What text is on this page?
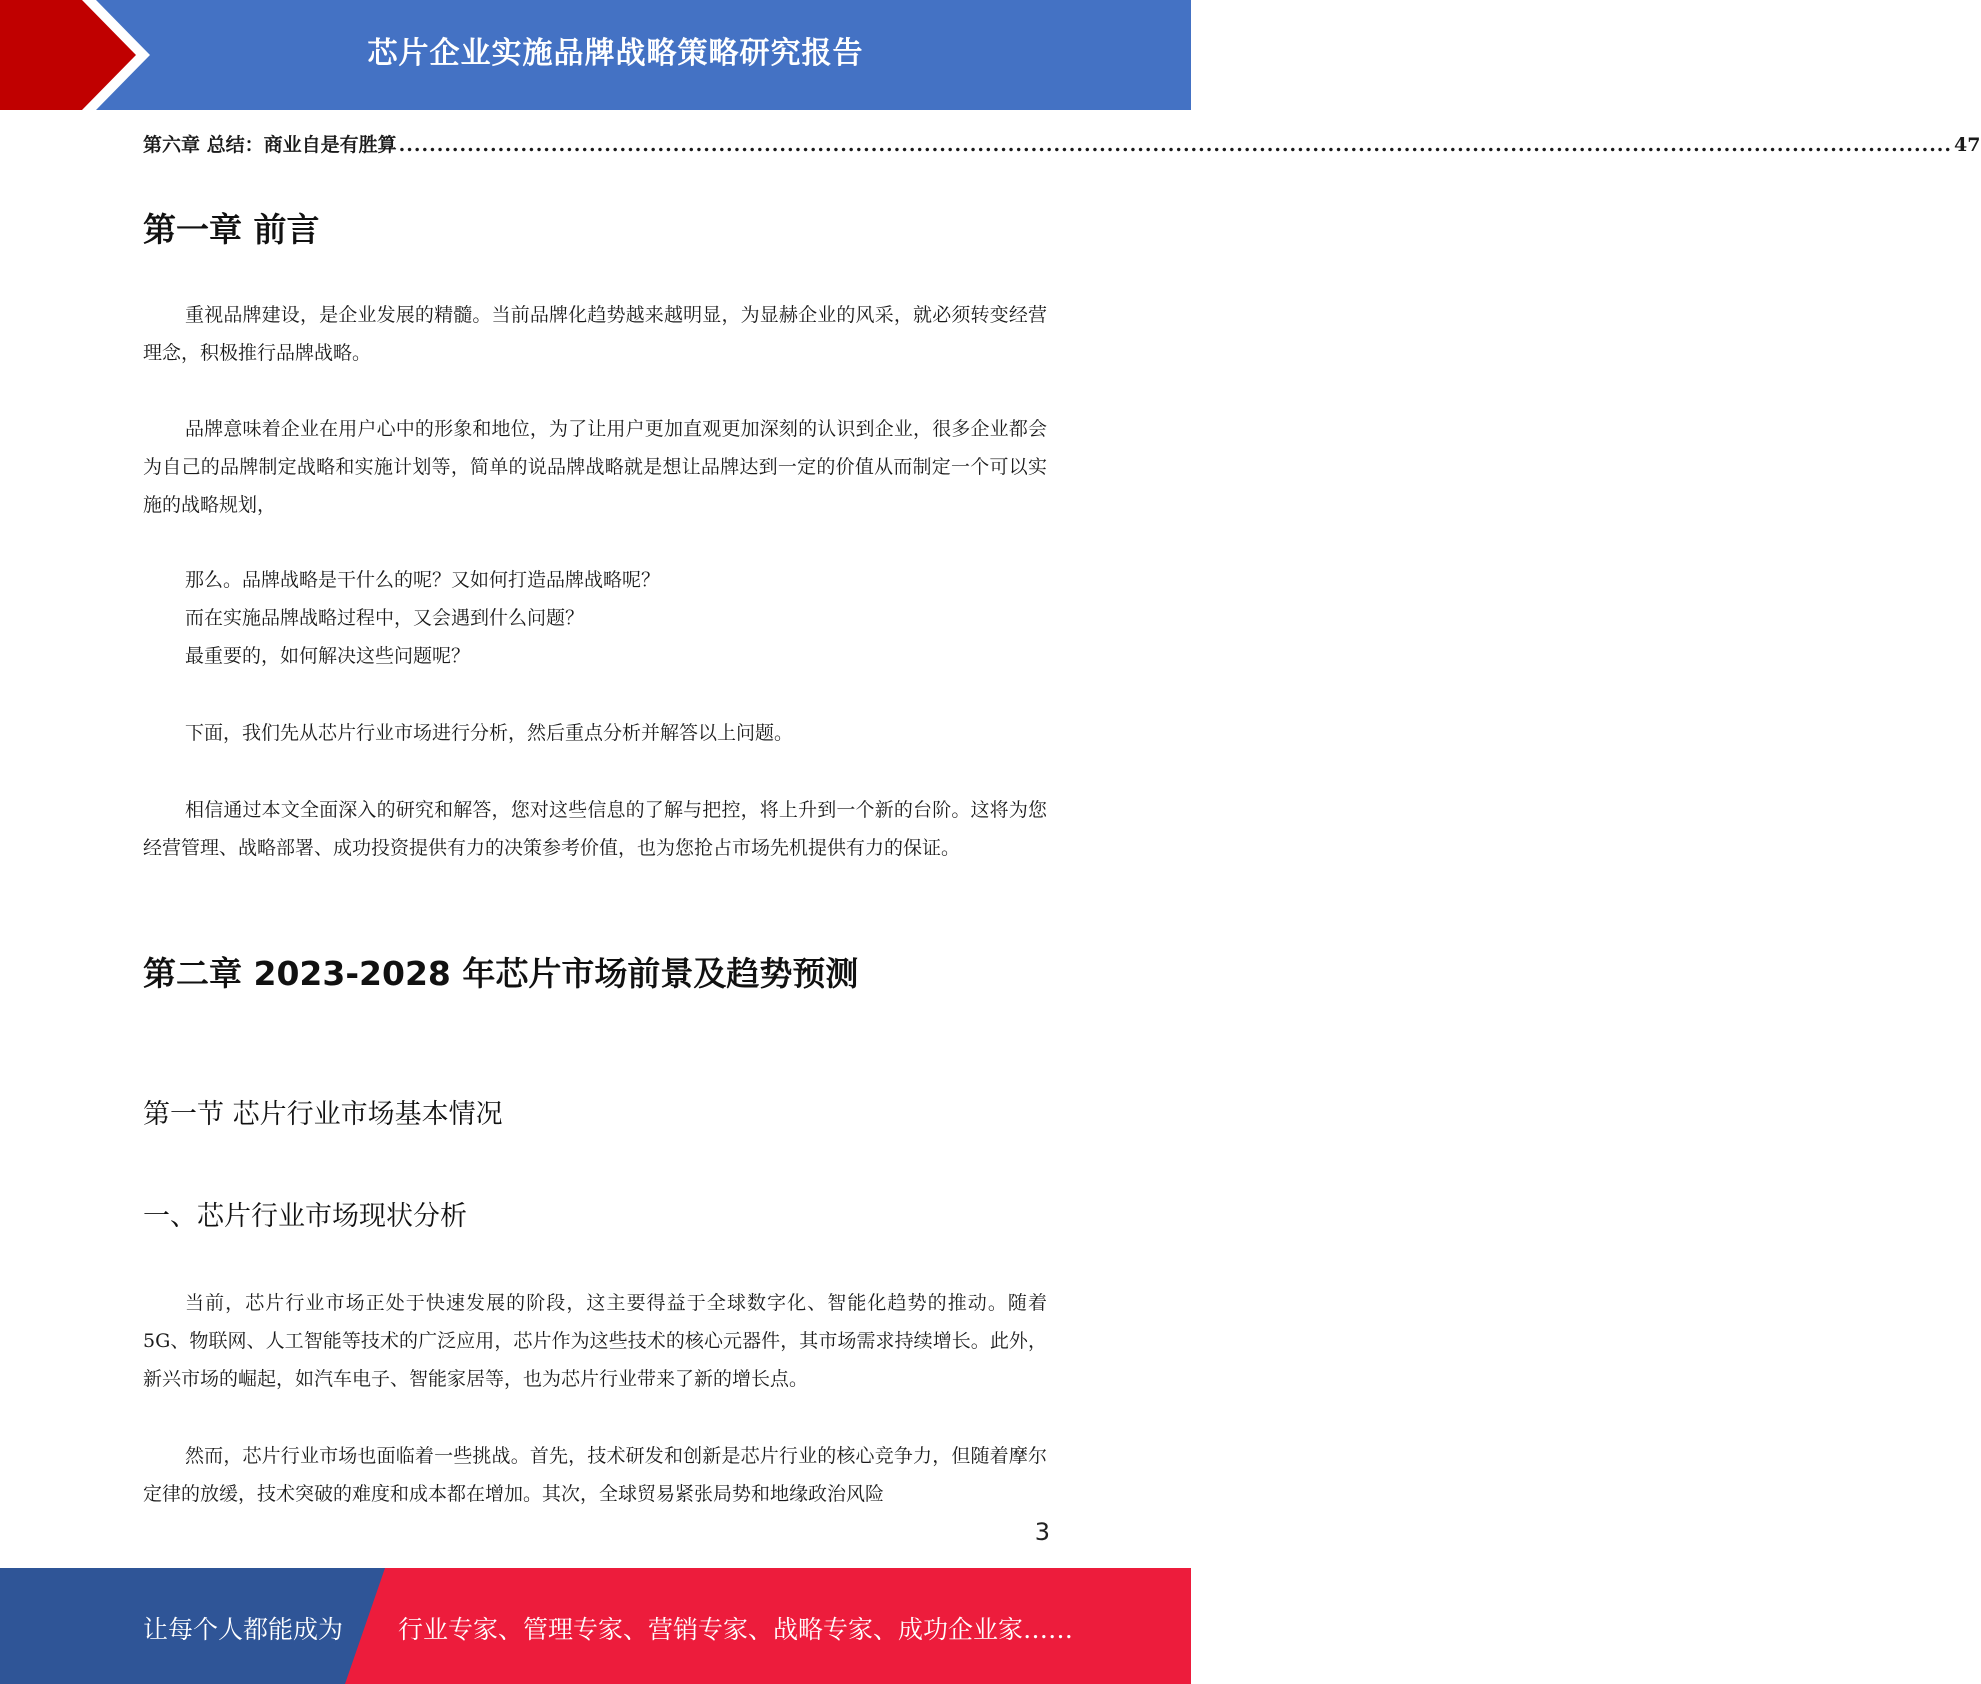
芯片企业实施品牌战略策略研究报告
第六章 总结：商业自是有胜算 ............................................................................................................................................................................................................ 47
第一章 前言

重视品牌建设，是企业发展的精髓。当前品牌化趋势越来越明显，为显赫企业的风采，就必须转变经营理念，积极推行品牌战略。

品牌意味着企业在用户心中的形象和地位，为了让用户更加直观更加深刻的认识到企业，很多企业都会为自己的品牌制定战略和实施计划等，简单的说品牌战略就是想让品牌达到一定的价值从而制定一个可以实施的战略规划，

那么。品牌战略是干什么的呢？又如何打造品牌战略呢？

而在实施品牌战略过程中，又会遇到什么问题？

最重要的，如何解决这些问题呢？

下面，我们先从芯片行业市场进行分析，然后重点分析并解答以上问题。

相信通过本文全面深入的研究和解答，您对这些信息的了解与把控，将上升到一个新的台阶。这将为您经营管理、战略部署、成功投资提供有力的决策参考价值，也为您抢占市场先机提供有力的保证。

第二章 2023-2028 年芯片市场前景及趋势预测
第一节 芯片行业市场基本情况
一、芯片行业市场现状分析

当前，芯片行业市场正处于快速发展的阶段，这主要得益于全球数字化、智能化趋势的推动。随着 5G、物联网、人工智能等技术的广泛应用，芯片作为这些技术的核心元器件，其市场需求持续增长。此外，新兴市场的崛起，如汽车电子、智能家居等，也为芯片行业带来了新的增长点。

然而，芯片行业市场也面临着一些挑战。首先，技术研发和创新是芯片行业的核心竞争力，但随着摩尔定律的放缓，技术突破的难度和成本都在增加。其次，全球贸易紧张局势和地缘政治风险

3
让每个人都能成为 行业专家、管理专家、营销专家、战略专家、成功企业家……
